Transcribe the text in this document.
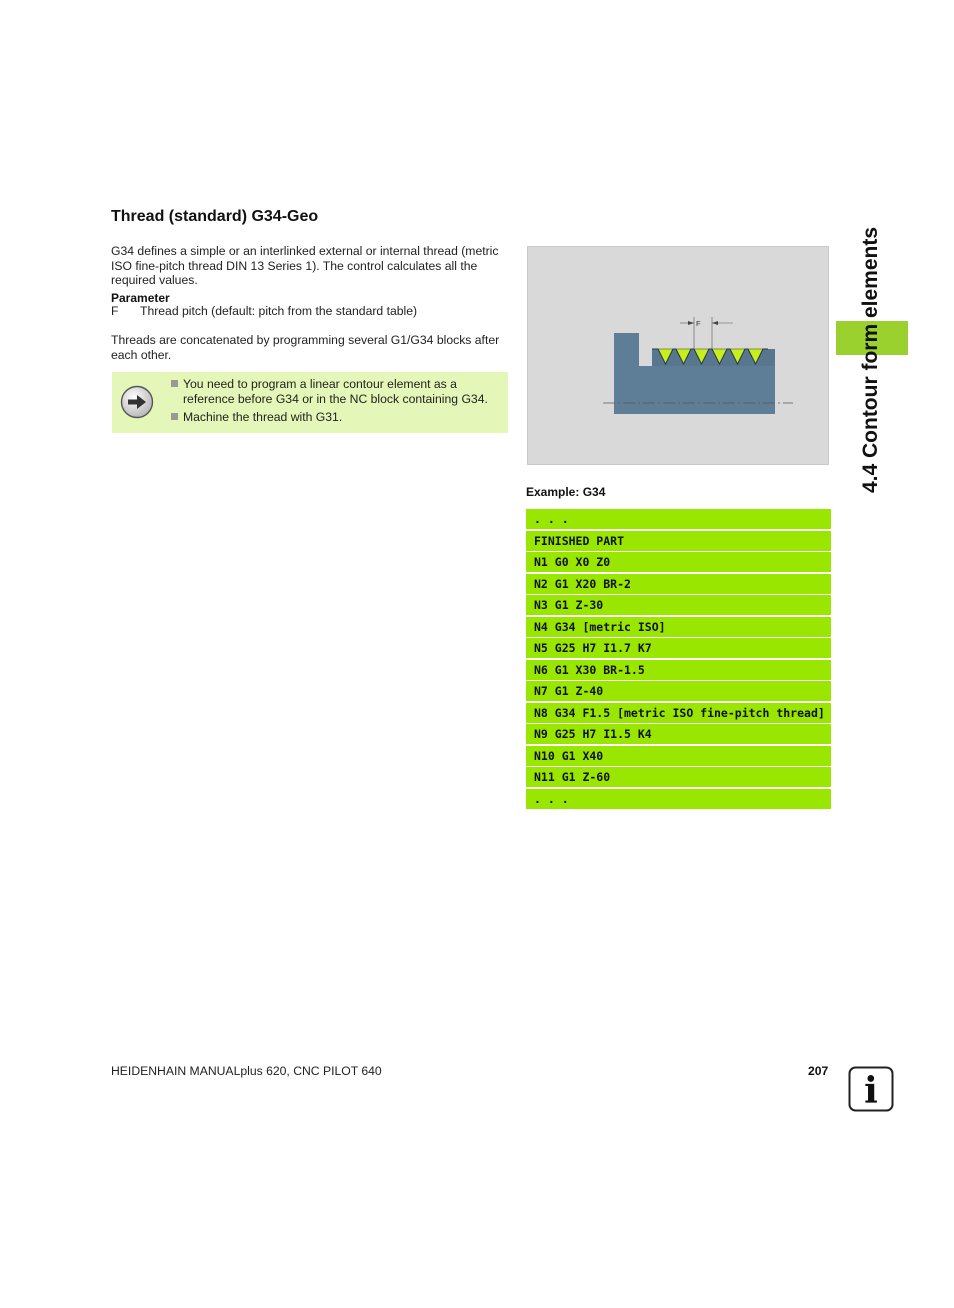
Thread (standard) G34-Geo

G34 defines a simple or an interlinked external or internal thread (metric ISO fine-pitch thread DIN 13 Series 1). The control calculates all the required values.

Parameter
F Thread pitch (default: pitch from the standard table)

Threads are concatenated by programming several G1/G34 blocks after each other.

You need to program a linear contour element as a reference before G34 or in the NC block containing G34.
Machine the thread with G31.
F
Example: G34
. . .
FINISHED PART
N1 G0 X0 Z0
N2 G1 X20 BR-2
N3 G1 Z-30
N4 G34 [metric ISO]
N5 G25 H7 I1.7 K7
N6 G1 X30 BR-1.5
N7 G1 Z-40
N8 G34 F1.5 [metric ISO fine-pitch thread]
N9 G25 H7 I1.5 K4
N10 G1 X40
N11 G1 Z-60
. . .
4.4 Contour form elements
HEIDENHAIN MANUALplus 620, CNC PILOT 640	207 i
